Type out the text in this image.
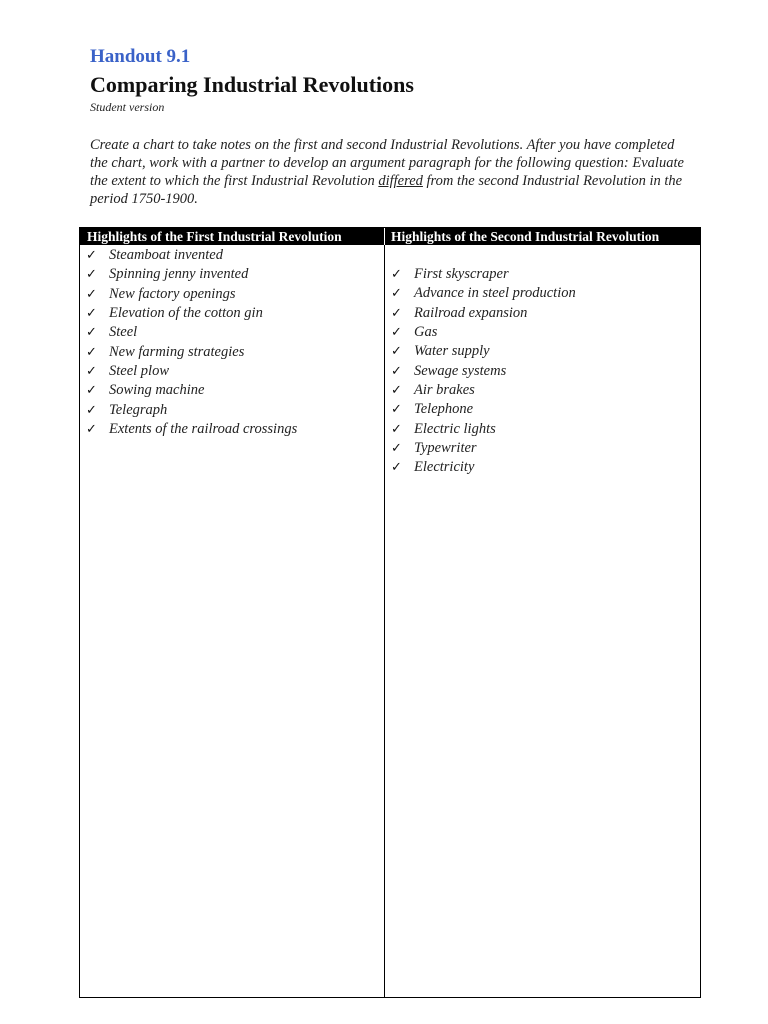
Handout 9.1
Comparing Industrial Revolutions
Student version
Create a chart to take notes on the first and second Industrial Revolutions. After you have completed the chart, work with a partner to develop an argument paragraph for the following question: Evaluate the extent to which the first Industrial Revolution differed from the second Industrial Revolution in the period 1750-1900.
Highlights of the First Industrial Revolution	Highlights of the Second Industrial Revolution
✓ Steamboat invented
✓ Spinning jenny invented
✓ New factory openings
✓ Elevation of the cotton gin
✓ Steel
✓ New farming strategies
✓ Steel plow
✓ Sowing machine
✓ Telegraph
✓ Extents of the railroad crossings
✓ First skyscraper
✓ Advance in steel production
✓ Railroad expansion
✓ Gas
✓ Water supply
✓ Sewage systems
✓ Air brakes
✓ Telephone
✓ Electric lights
✓ Typewriter
✓ Electricity
